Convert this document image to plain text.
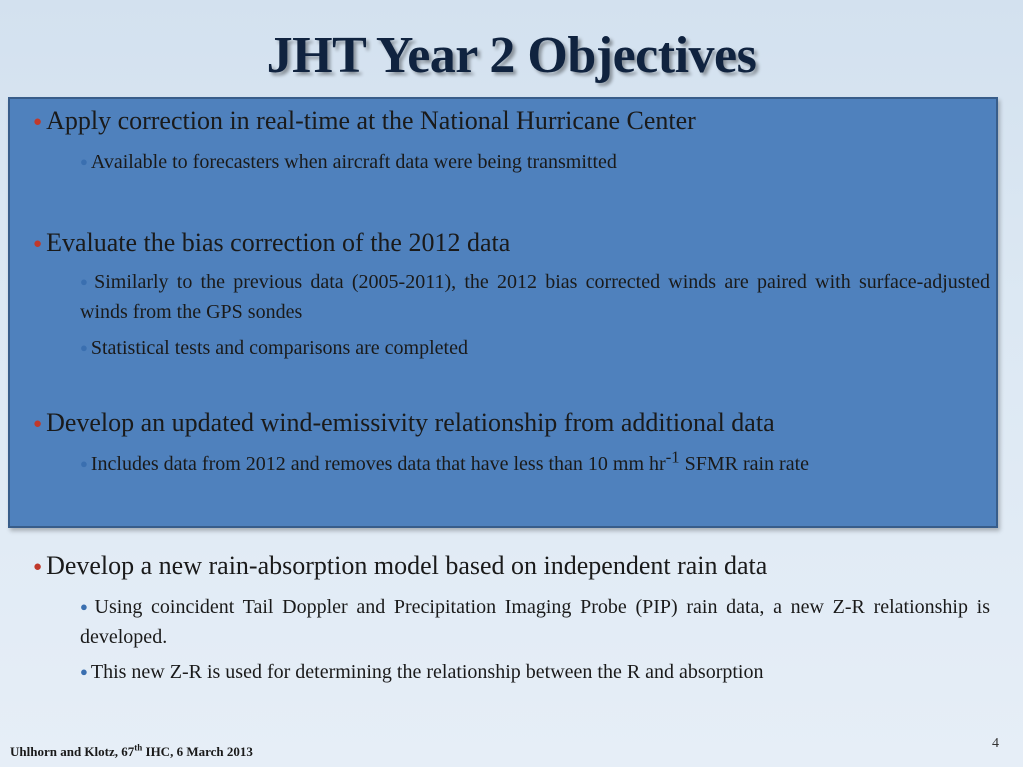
JHT Year 2 Objectives
● Apply correction in real-time at the National Hurricane Center
● Available to forecasters when aircraft data were being transmitted
● Evaluate the bias correction of the 2012 data
● Similarly to the previous data (2005-2011), the 2012 bias corrected winds are paired with surface-adjusted winds from the GPS sondes
● Statistical tests and comparisons are completed
● Develop an updated wind-emissivity relationship from additional data
● Includes data from 2012 and removes data that have less than 10 mm $hr^{-1}$ SFMR rain rate
● Develop a new rain-absorption model based on independent rain data
● Using coincident Tail Doppler and Precipitation Imaging Probe (PIP) rain data, a new Z-R relationship is developed.
● This new Z-R is used for determining the relationship between the R and absorption
Uhlhorn and Klotz, 67th IHC, 6 March 2013
4
